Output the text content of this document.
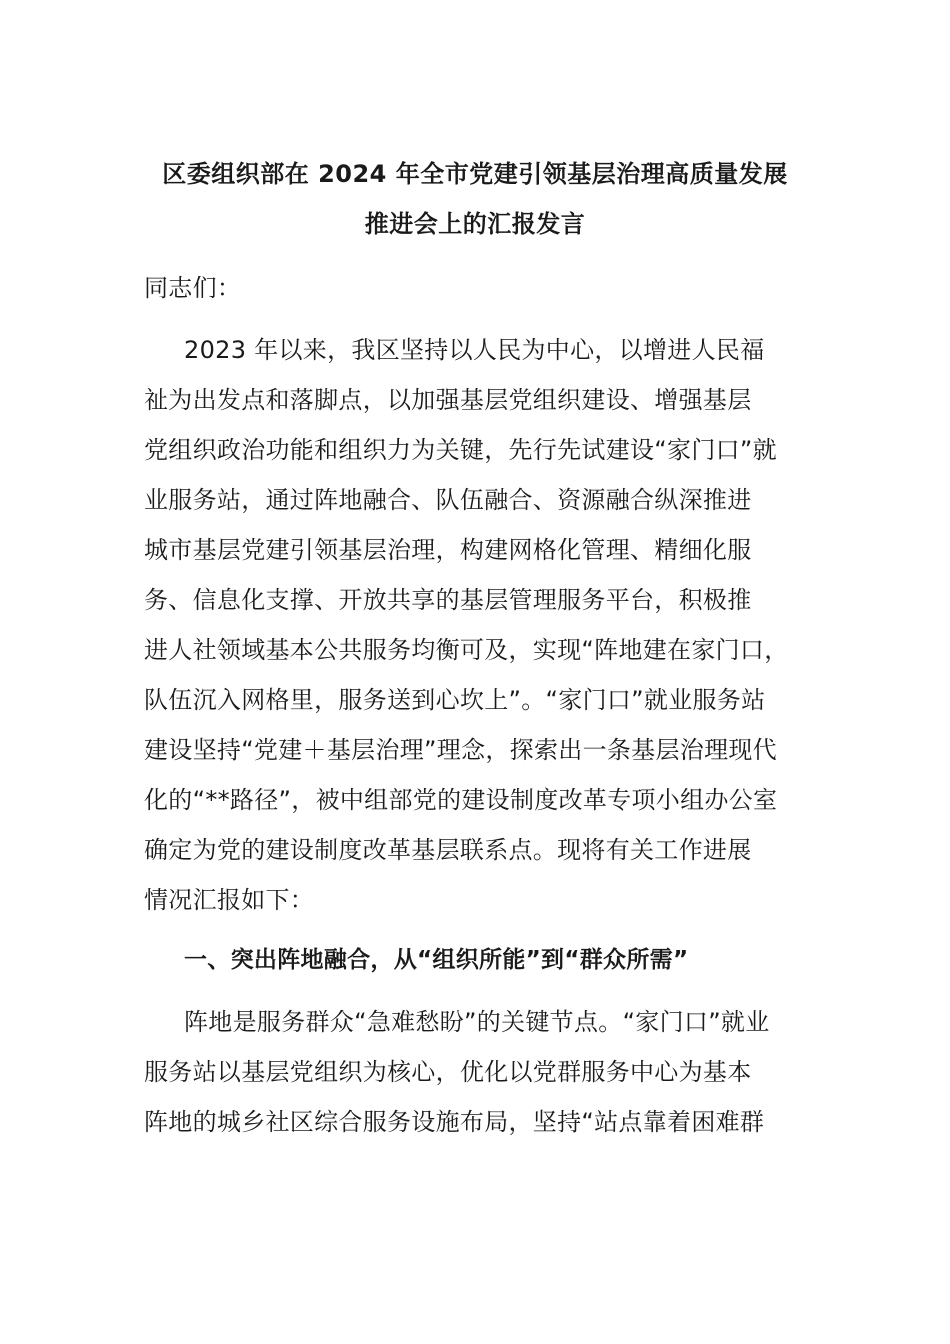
区委组织部在 2024 年全市党建引领基层治理高质量发展
推进会上的汇报发言
同志们：
2023 年以来，我区坚持以人民为中心，以增进人民福
祉为出发点和落脚点，以加强基层党组织建设、增强基层
党组织政治功能和组织力为关键，先行先试建设“家门口”就
业服务站，通过阵地融合、队伍融合、资源融合纵深推进
城市基层党建引领基层治理，构建网格化管理、精细化服
务、信息化支撑、开放共享的基层管理服务平台，积极推
进人社领域基本公共服务均衡可及，实现“阵地建在家门口，
队伍沉入网格里，服务送到心坎上”。“家门口”就业服务站
建设坚持“党建＋基层治理”理念，探索出一条基层治理现代
化的“**路径”，被中组部党的建设制度改革专项小组办公室
确定为党的建设制度改革基层联系点。现将有关工作进展
情况汇报如下：
一、突出阵地融合，从“组织所能”到“群众所需”
阵地是服务群众“急难愁盼”的关键节点。“家门口”就业
服务站以基层党组织为核心，优化以党群服务中心为基本
阵地的城乡社区综合服务设施布局，坚持“站点靠着困难群
